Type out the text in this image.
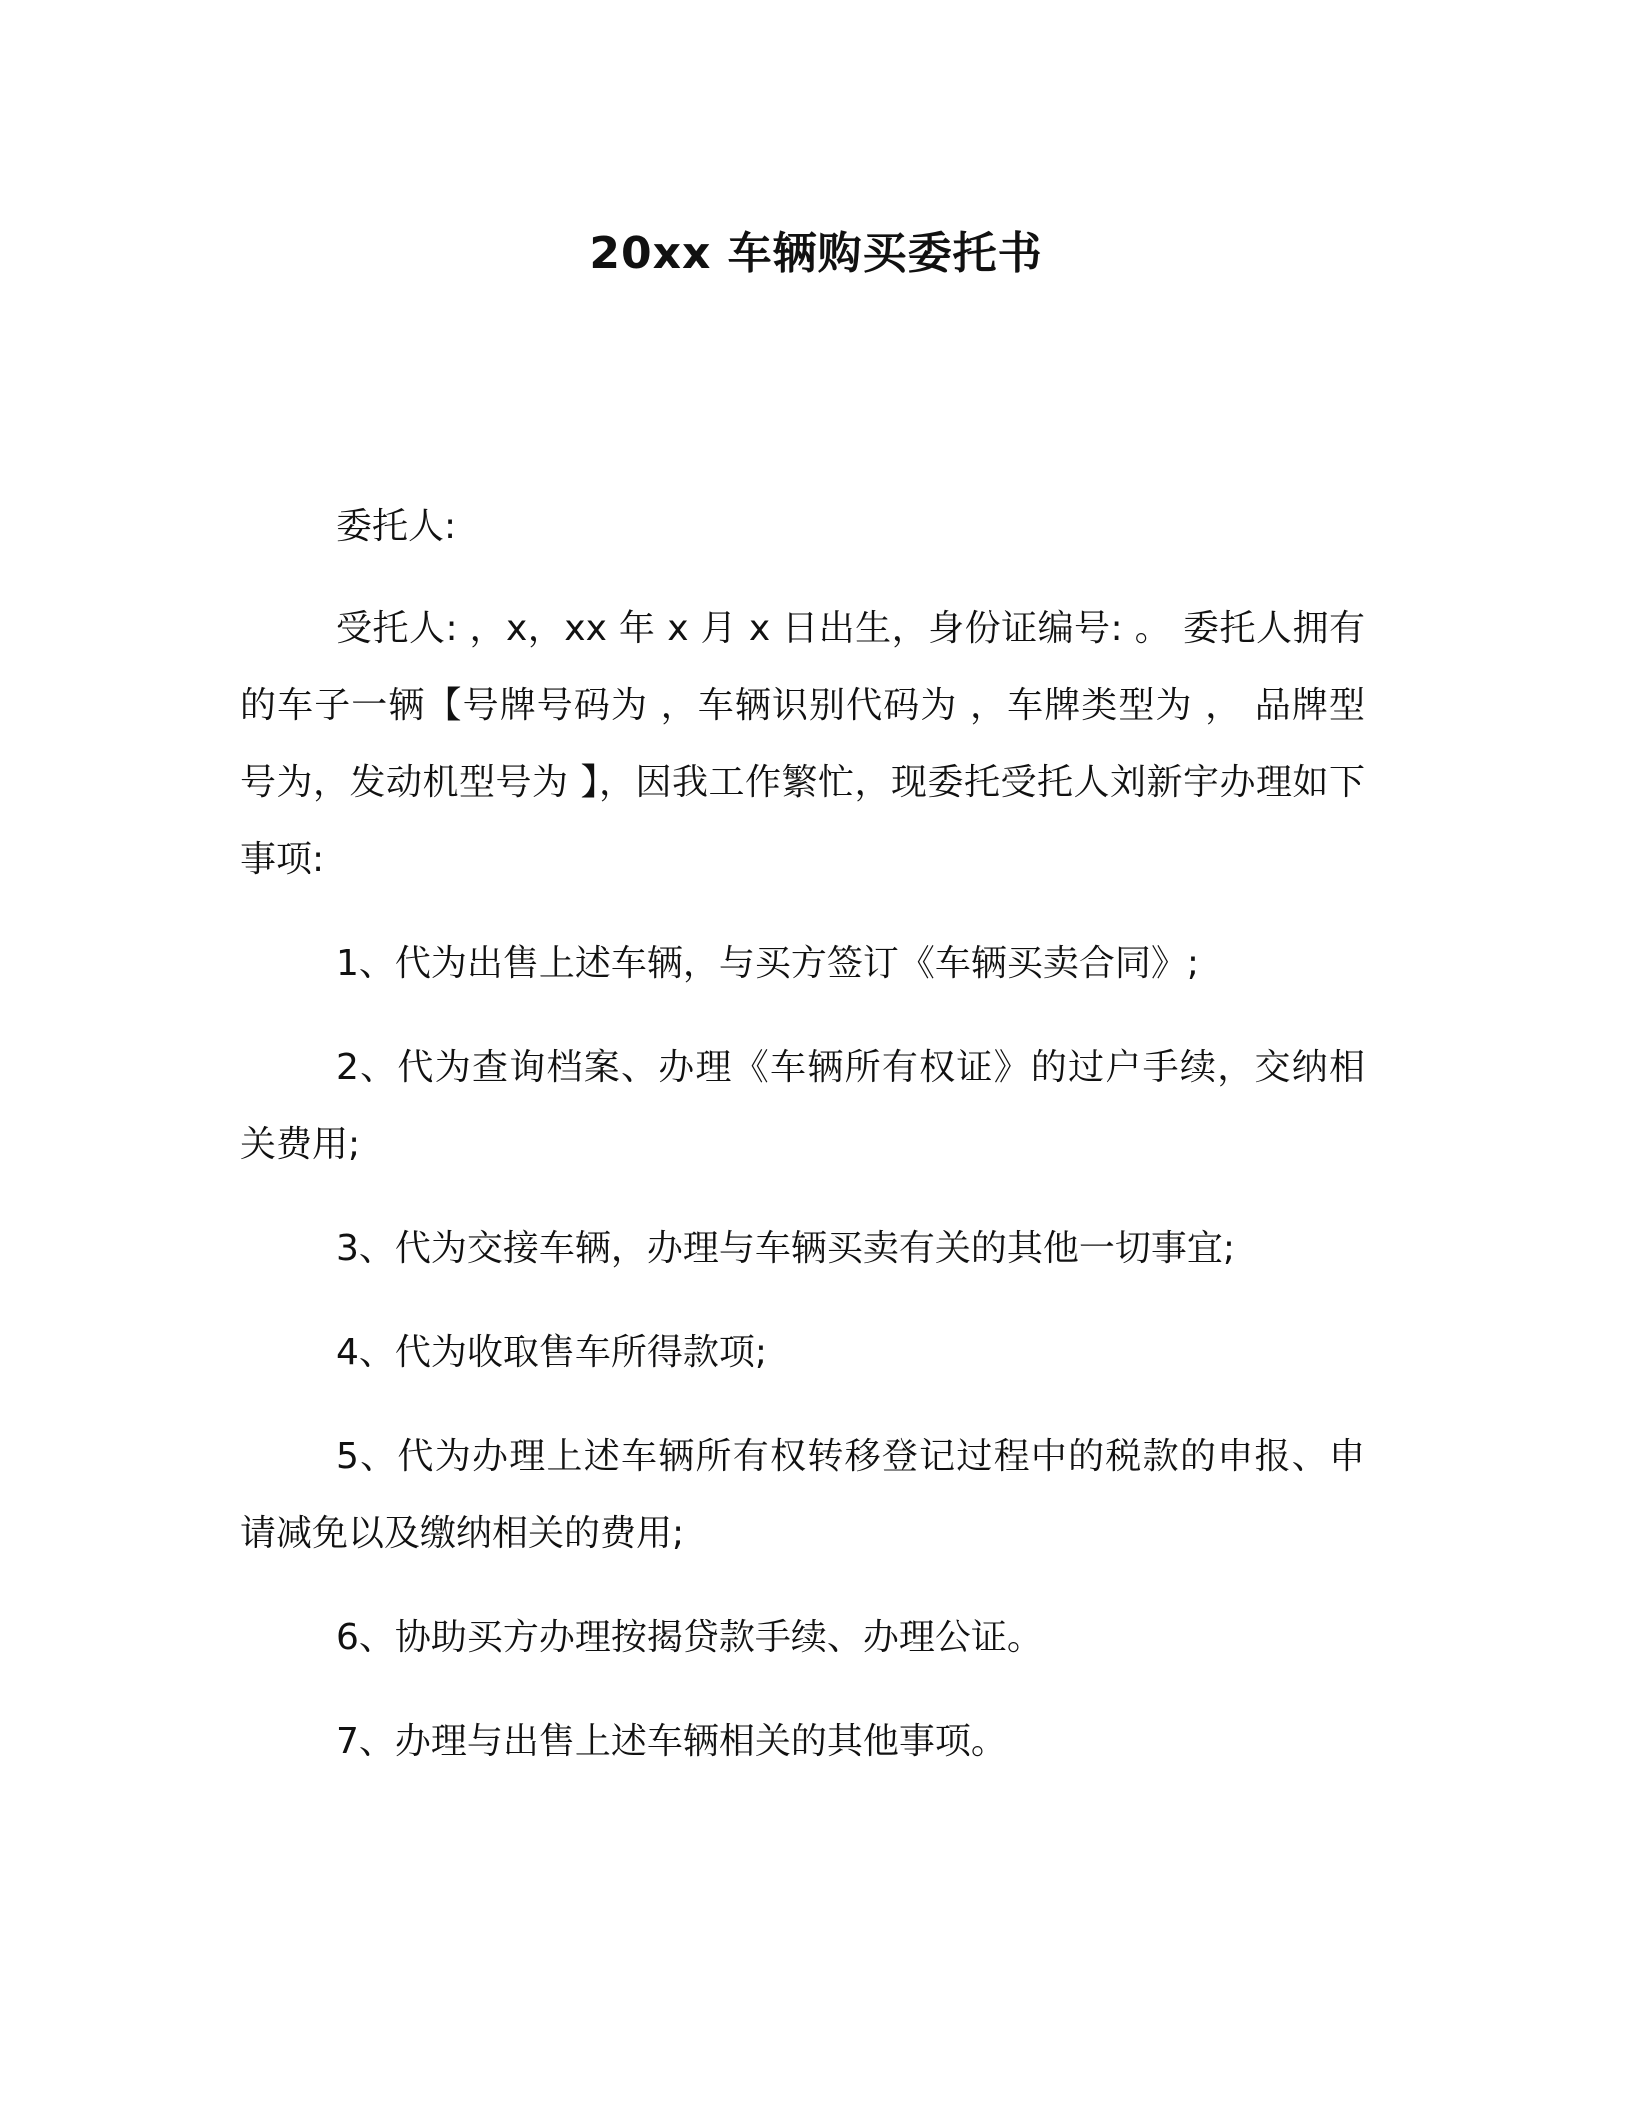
20xx 车辆购买委托书

委托人:

受托人: ，x，xx 年 x 月 x 日出生，身份证编号: 。 委托人拥有 的车子一辆【号牌号码为 ，车辆识别代码为 ，车牌类型为 ， 品牌型号为，发动机型号为 】，因我工作繁忙，现委托受托人刘新宇办理如下事项:

1、代为出售上述车辆，与买方签订《车辆买卖合同》;

2、代为查询档案、办理《车辆所有权证》的过户手续，交纳相关费用;

3、代为交接车辆，办理与车辆买卖有关的其他一切事宜;

4、代为收取售车所得款项;

5、代为办理上述车辆所有权转移登记过程中的税款的申报、申请减免以及缴纳相关的费用;

6、协助买方办理按揭贷款手续、办理公证。

7、办理与出售上述车辆相关的其他事项。
